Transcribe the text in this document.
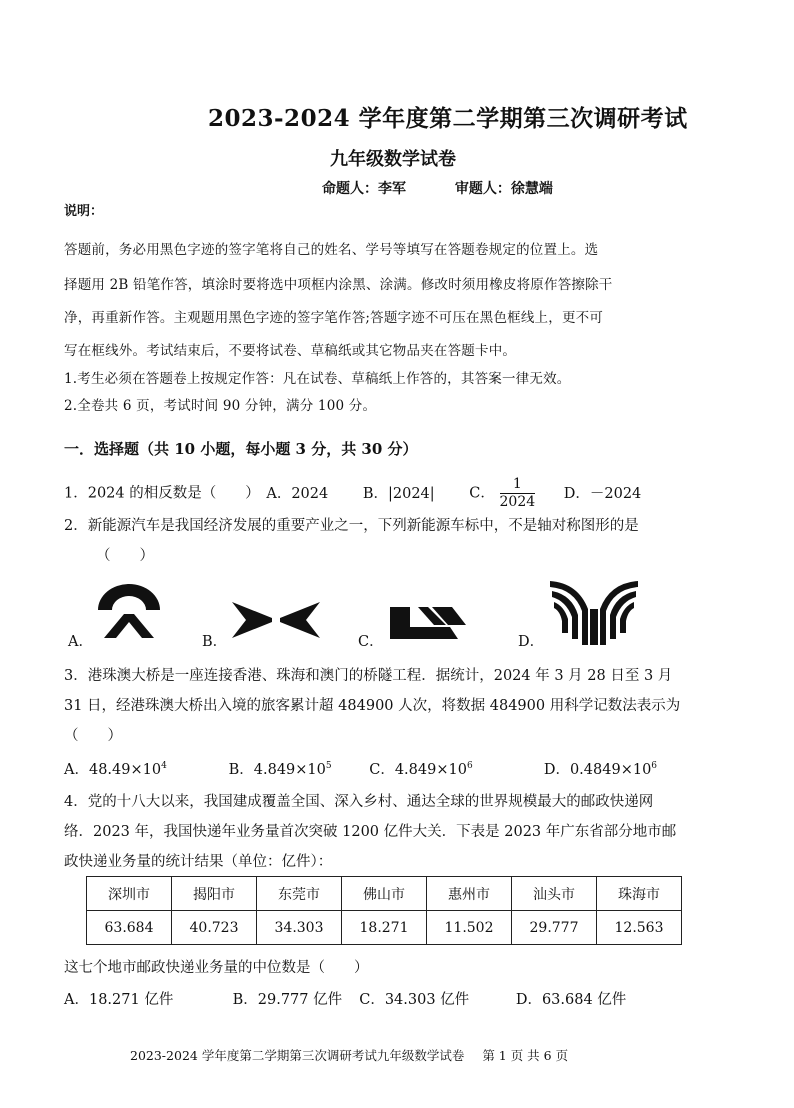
2023-2024 学年度第二学期第三次调研考试
九年级数学试卷
命题人：李军	审题人：徐慧端
说明：
答题前，务必用黑色字迹的签字笔将自己的姓名、学号等填写在答题卷规定的位置上。选
择题用 2B 铅笔作答，填涂时要将选中项框内涂黑、涂满。修改时须用橡皮将原作答擦除干
净，再重新作答。主观题用黑色字迹的签字笔作答;答题字迹不可压在黑色框线上，更不可
写在框线外。考试结束后，不要将试卷、草稿纸或其它物品夹在答题卡中。
1.考生必须在答题卷上按规定作答：凡在试卷、草稿纸上作答的，其答案一律无效。
2.全卷共 6 页，考试时间 90 分钟，满分 100 分。
一．选择题（共 10 小题，每小题 3 分，共 30 分）
1．2024 的相反数是（　　） A．2024 B．|2024| C． $\frac{1}{2024}$ D．－2024
2．新能源汽车是我国经济发展的重要产业之一，下列新能源车标中，不是轴对称图形的是
（　　）
A．	B．	C．	D．
3．港珠澳大桥是一座连接香港、珠海和澳门的桥隧工程．据统计，2024 年 3 月 28 日至 3 月
31 日，经港珠澳大桥出入境的旅客累计超 484900 人次，将数据 484900 用科学记数法表示为
（　　）
A．$48.49\times 10^4$	B．$4.849\times 10^5$	C．$4.849\times 10^6$	D．$0.4849\times 10^6$
4．党的十八大以来，我国建成覆盖全国、深入乡村、通达全球的世界规模最大的邮政快递网
络．2023 年，我国快递年业务量首次突破 1200 亿件大关．下表是 2023 年广东省部分地市邮
政快递业务量的统计结果（单位：亿件）：
深圳市	揭阳市	东莞市	佛山市	惠州市	汕头市	珠海市
63.684	40.723	34.303	18.271	11.502	29.777	12.563
这七个地市邮政快递业务量的中位数是（　　）
A．18.271 亿件	B．29.777 亿件 C．34.303 亿件	D．63.684 亿件
2023-2024 学年度第二学期第三次调研考试九年级数学试卷 第 1 页 共 6 页
